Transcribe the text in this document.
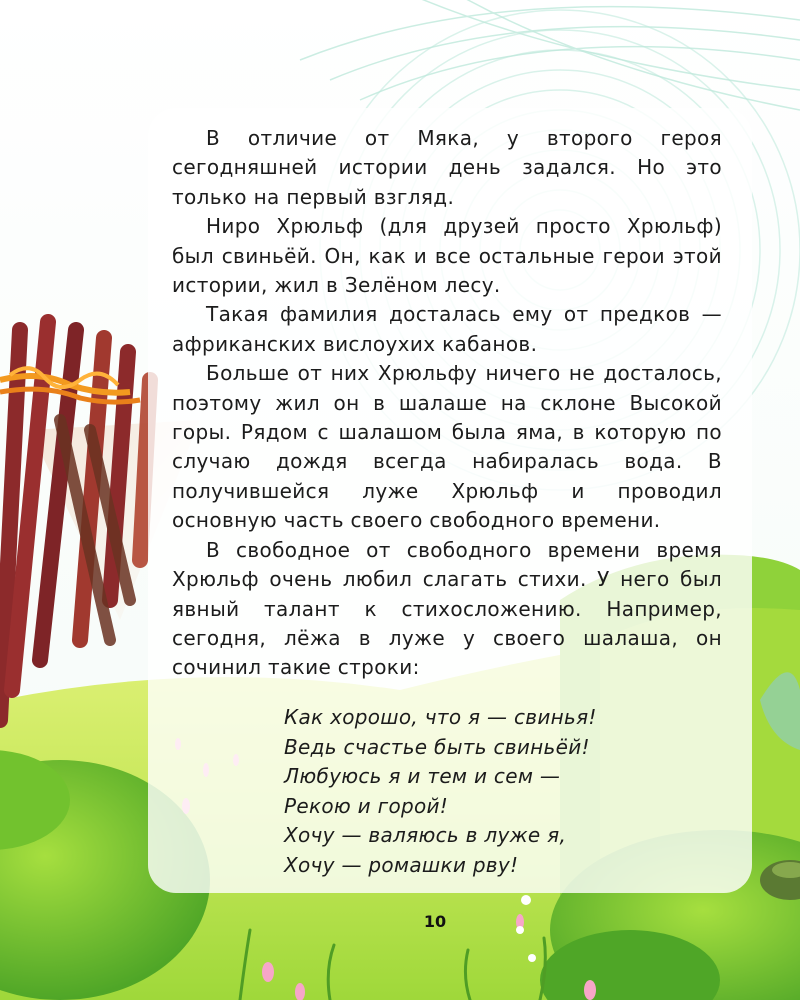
В отличие от Мяка, у второго героя сегодняшней истории день задался. Но это только на первый взгляд.

Ниро Хрюльф (для друзей просто Хрюльф) был свиньёй. Он, как и все остальные герои этой истории, жил в Зелёном лесу.

Такая фамилия досталась ему от предков — африканских вислоухих кабанов.

Больше от них Хрюльфу ничего не досталось, поэтому жил он в шалаше на склоне Высокой горы. Рядом с шалашом была яма, в которую по случаю дождя всегда набиралась вода. В получившейся луже Хрюльф и проводил основную часть своего свободного времени.

В свободное от свободного времени время Хрюльф очень любил слагать стихи. У него был явный талант к стихосложению. Например, сегодня, лёжа в луже у своего шалаша, он сочинил такие строки:

Как хорошо, что я — свинья!
Ведь счастье быть свиньёй!
Любуюсь я и тем и сем —
Рекою и горой!
Хочу — валяюсь в луже я,
Хочу — ромашки рву!
10
